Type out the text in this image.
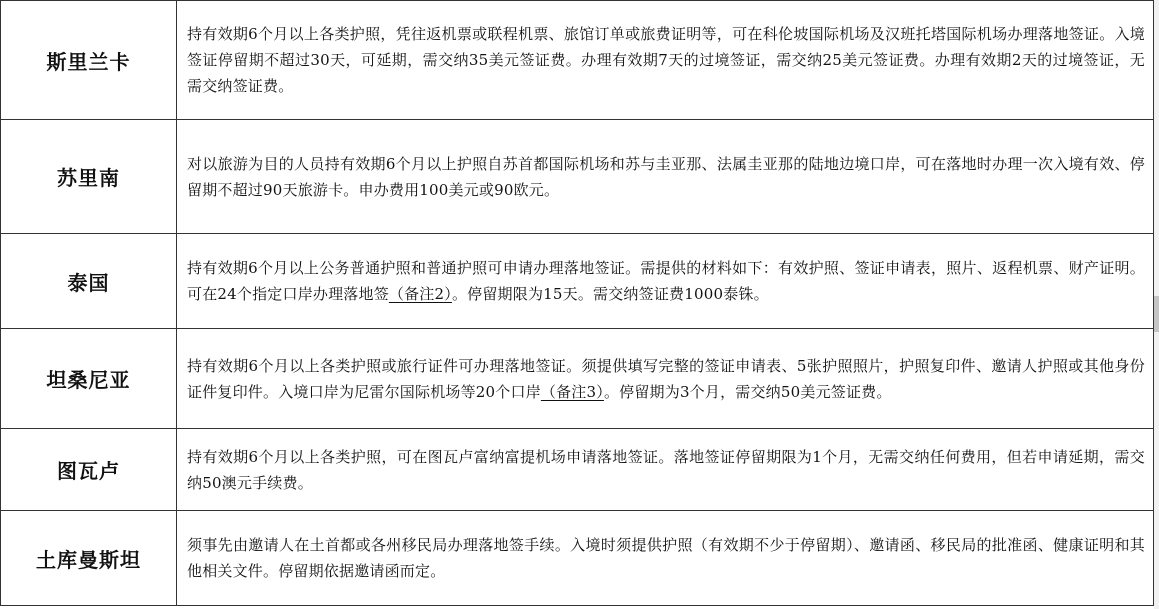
斯里兰卡	持有效期6个月以上各类护照，凭往返机票或联程机票、旅馆订单或旅费证明等，可在科伦坡国际机场及汉班托塔国际机场办理落地签证。入境签证停留期不超过30天，可延期，需交纳35美元签证费。办理有效期7天的过境签证，需交纳25美元签证费。办理有效期2天的过境签证，无需交纳签证费。
苏里南	对以旅游为目的人员持有效期6个月以上护照自苏首都国际机场和苏与圭亚那、法属圭亚那的陆地边境口岸，可在落地时办理一次入境有效、停留期不超过90天旅游卡。申办费用100美元或90欧元。
泰国	持有效期6个月以上公务普通护照和普通护照可申请办理落地签证。需提供的材料如下：有效护照、签证申请表，照片、返程机票、财产证明。可在24个指定口岸办理落地签（备注2）。停留期限为15天。需交纳签证费1000泰铢。
坦桑尼亚	持有效期6个月以上各类护照或旅行证件可办理落地签证。须提供填写完整的签证申请表、5张护照照片，护照复印件、邀请人护照或其他身份证件复印件。入境口岸为尼雷尔国际机场等20个口岸（备注3）。停留期为3个月，需交纳50美元签证费。
图瓦卢	持有效期6个月以上各类护照，可在图瓦卢富纳富提机场申请落地签证。落地签证停留期限为1个月，无需交纳任何费用，但若申请延期，需交纳50澳元手续费。
土库曼斯坦	须事先由邀请人在土首都或各州移民局办理落地签手续。入境时须提供护照（有效期不少于停留期）、邀请函、移民局的批准函、健康证明和其他相关文件。停留期依据邀请函而定。
